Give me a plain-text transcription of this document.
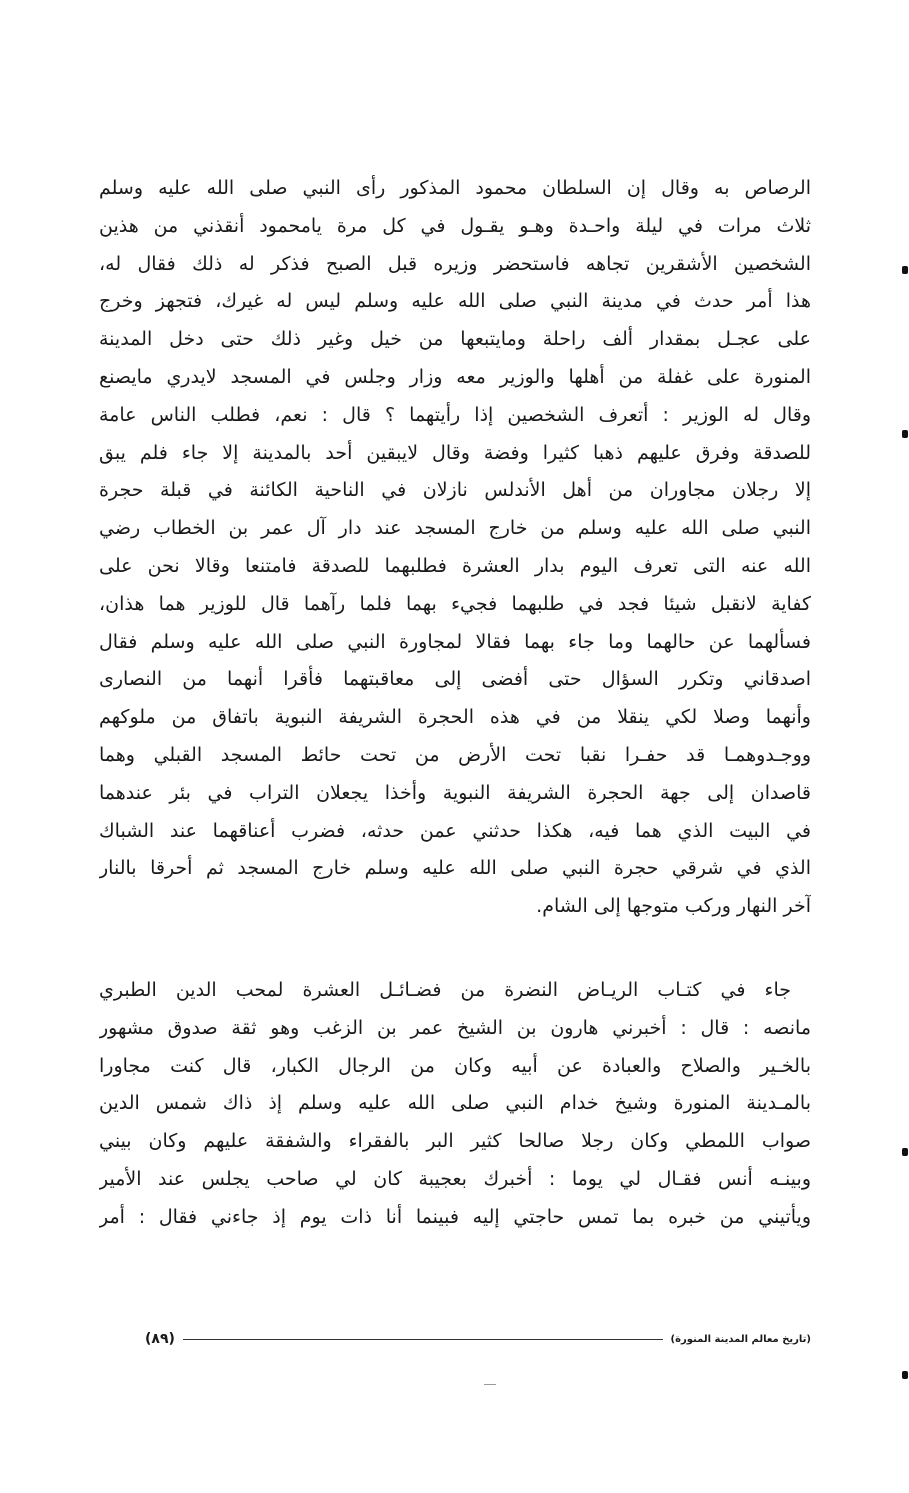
الرصاص به وقال إن السلطان محمود المذكور رأى النبي صلى الله عليه وسلم
ثلاث مرات في ليلة واحـدة وهـو يقـول في كل مرة يامحمود أنقذني من هذين
الشخصين الأشقرين تجاهه فاستحضر وزيره قبل الصبح فذكر له ذلك فقال له،
هذا أمر حدث في مدينة النبي صلى الله عليه وسلم ليس له غيرك، فتجهز وخرج
على عجـل بمقدار ألف راحلة ومايتبعها من خيل وغير ذلك حتى دخل المدينة
المنورة على غفلة من أهلها والوزير معه وزار وجلس في المسجد لايدري مايصنع
وقال له الوزير : أتعرف الشخصين إذا رأيتهما ؟ قال : نعم، فطلب الناس عامة
للصدقة وفرق عليهم ذهبا كثيرا وفضة وقال لايبقين أحد بالمدينة إلا جاء فلم يبق
إلا رجلان مجاوران من أهل الأندلس نازلان في الناحية الكائنة في قبلة حجرة
النبي صلى الله عليه وسلم من خارج المسجد عند دار آل عمر بن الخطاب رضي
الله عنه التى تعرف اليوم بدار العشرة فطلبهما للصدقة فامتنعا وقالا نحن على
كفاية لانقبل شيئا فجد في طلبهما فجيء بهما فلما رآهما قال للوزير هما هذان،
فسألهما عن حالهما وما جاء بهما فقالا لمجاورة النبي صلى الله عليه وسلم فقال
اصدقاني وتكرر السؤال حتى أفضى إلى معاقبتهما فأقرا أنهما من النصارى
وأنهما وصلا لكي ينقلا من في هذه الحجرة الشريفة النبوية باتفاق من ملوكهم
ووجـدوهمـا قد حفـرا نقبا تحت الأرض من تحت حائط المسجد القبلي وهما
قاصدان إلى جهة الحجرة الشريفة النبوية وأخذا يجعلان التراب في بئر عندهما
في البيت الذي هما فيه، هكذا حدثني عمن حدثه، فضرب أعناقهما عند الشباك
الذي في شرقي حجرة النبي صلى الله عليه وسلم خارج المسجد ثم أحرقا بالنار
آخر النهار وركب متوجها إلى الشام.
جاء في كتـاب الريـاض النضرة من فضـائـل العشرة لمحب الدين الطبري
مانصه : قال : أخبرني هارون بن الشيخ عمر بن الزغب وهو ثقة صدوق مشهور
بالخـير والصلاح والعبادة عن أبيه وكان من الرجال الكبار، قال كنت مجاورا
بالمـدينة المنورة وشيخ خدام النبي صلى الله عليه وسلم إذ ذاك شمس الدين
صواب اللمطي وكان رجلا صالحا كثير البر بالفقراء والشفقة عليهم وكان بيني
وبينـه أنس فقـال لي يوما : أخبرك بعجيبة كان لي صاحب يجلس عند الأمير
ويأتيني من خبره بما تمس حاجتي إليه فبينما أنا ذات يوم إذ جاءني فقال : أمر
(تاريخ معالم المدينة المنورة)
(٨٩)
